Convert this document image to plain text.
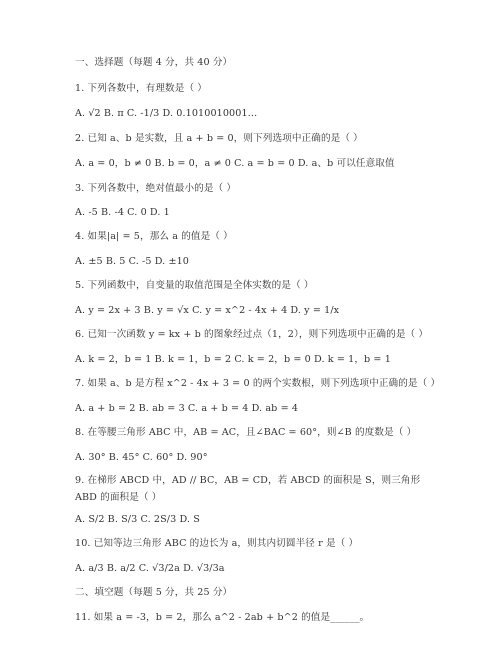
一、选择题（每题 4 分，共 40 分）
1. 下列各数中，有理数是（ ）
A. √2 B. π C. -1/3 D. 0.1010010001…
2. 已知 a、b 是实数，且 a + b = 0，则下列选项中正确的是（ ）
A. a = 0，b ≠ 0 B. b = 0，a ≠ 0 C. a = b = 0 D. a、b 可以任意取值
3. 下列各数中，绝对值最小的是（ ）
A. -5 B. -4 C. 0 D. 1
4. 如果|a| = 5，那么 a 的值是（ ）
A. ±5 B. 5 C. -5 D. ±10
5. 下列函数中，自变量的取值范围是全体实数的是（ ）
A. y = 2x + 3 B. y = √x C. y = x^2 - 4x + 4 D. y = 1/x
6. 已知一次函数 y = kx + b 的图象经过点（1，2），则下列选项中正确的是（ ）
A. k = 2，b = 1 B. k = 1，b = 2 C. k = 2，b = 0 D. k = 1，b = 1
7. 如果 a、b 是方程 x^2 - 4x + 3 = 0 的两个实数根，则下列选项中正确的是（ ）
A. a + b = 2 B. ab = 3 C. a + b = 4 D. ab = 4
8. 在等腰三角形 ABC 中，AB = AC，且∠BAC = 60°，则∠B 的度数是（ ）
A. 30° B. 45° C. 60° D. 90°
9. 在梯形 ABCD 中，AD // BC，AB = CD，若 ABCD 的面积是 S，则三角形 ABD 的面积是（ ）
A. S/2 B. S/3 C. 2S/3 D. S
10. 已知等边三角形 ABC 的边长为 a，则其内切圆半径 r 是（ ）
A. a/3 B. a/2 C. √3/2a D. √3/3a
二、填空题（每题 5 分，共 25 分）
11. 如果 a = -3，b = 2，那么 a^2 - 2ab + b^2 的值是______。
